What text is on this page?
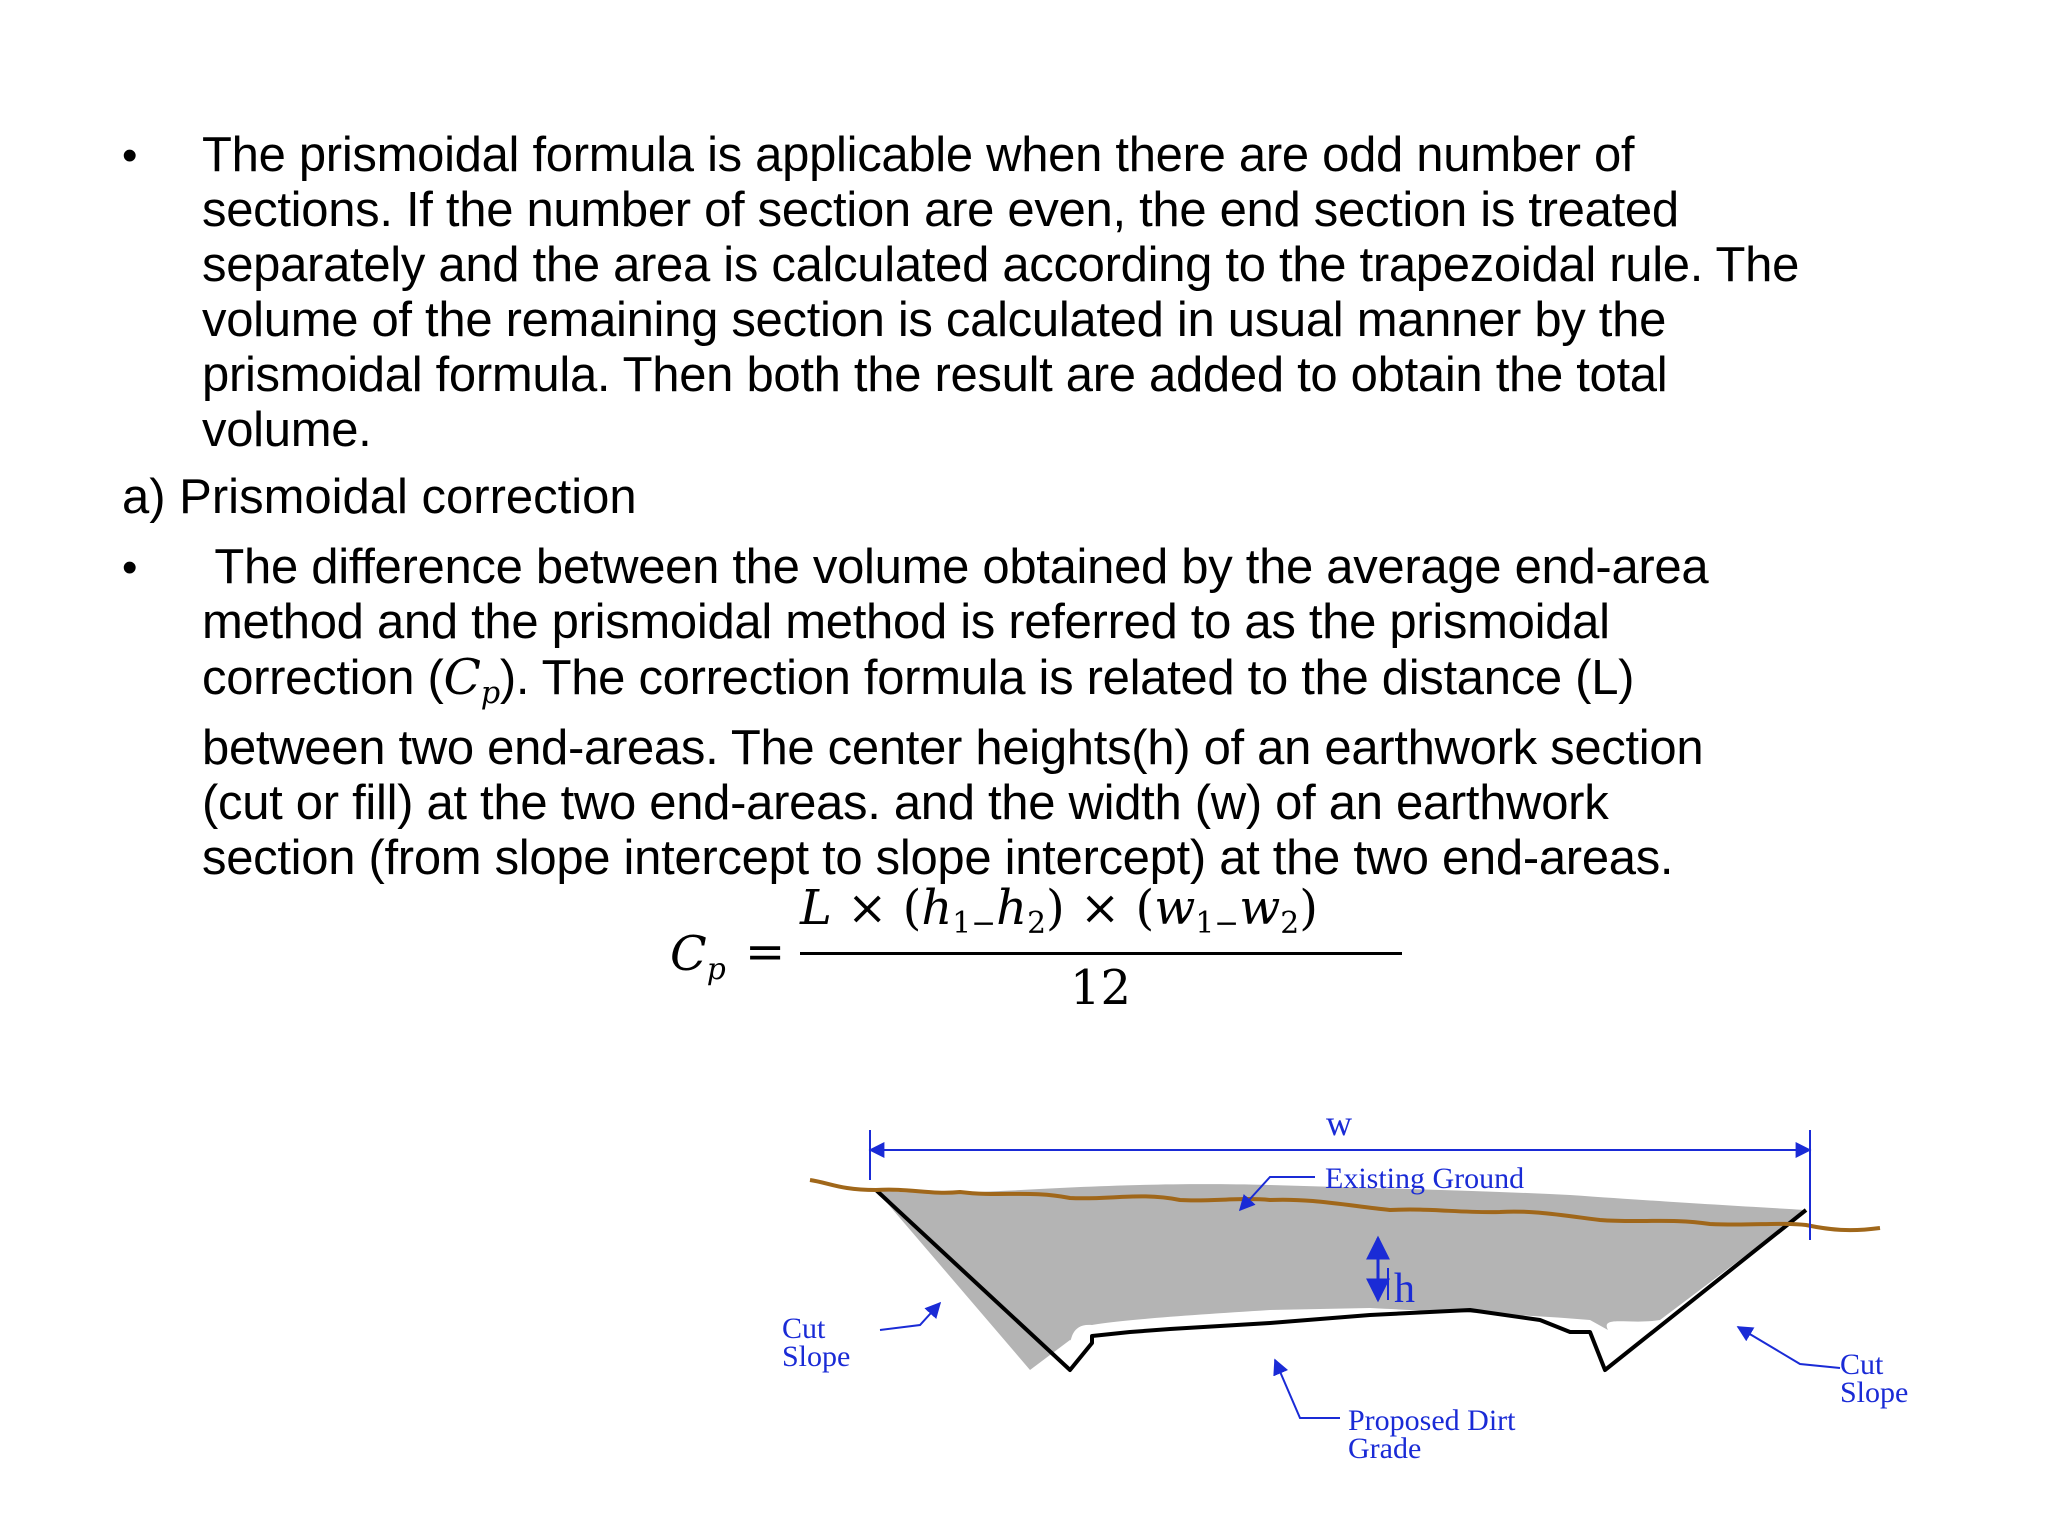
• The prismoidal formula is applicable when there are odd number of
sections. If the number of section are even, the end section is treated
separately and the area is calculated according to the trapezoidal rule. The
volume of the remaining section is calculated in usual manner by the
prismoidal formula. Then both the result are added to obtain the total
volume.
a) Prismoidal correction
• The difference between the volume obtained by the average end-area
method and the prismoidal method is referred to as the prismoidal
correction $(C_p)$. The correction formula is related to the distance (L)
between two end-areas. The center heights(h) of an earthwork section
(cut or fill) at the two end-areas. and the width (w) of an earthwork
section (from slope intercept to slope intercept) at the two end-areas.
$C_p$ =
$L \times (h_{1-}h_2) \times (w_{1-}w_2)$
12
w
h
Existing Ground
Cut Slope	Cut Slope
Proposed Dirt Grade
